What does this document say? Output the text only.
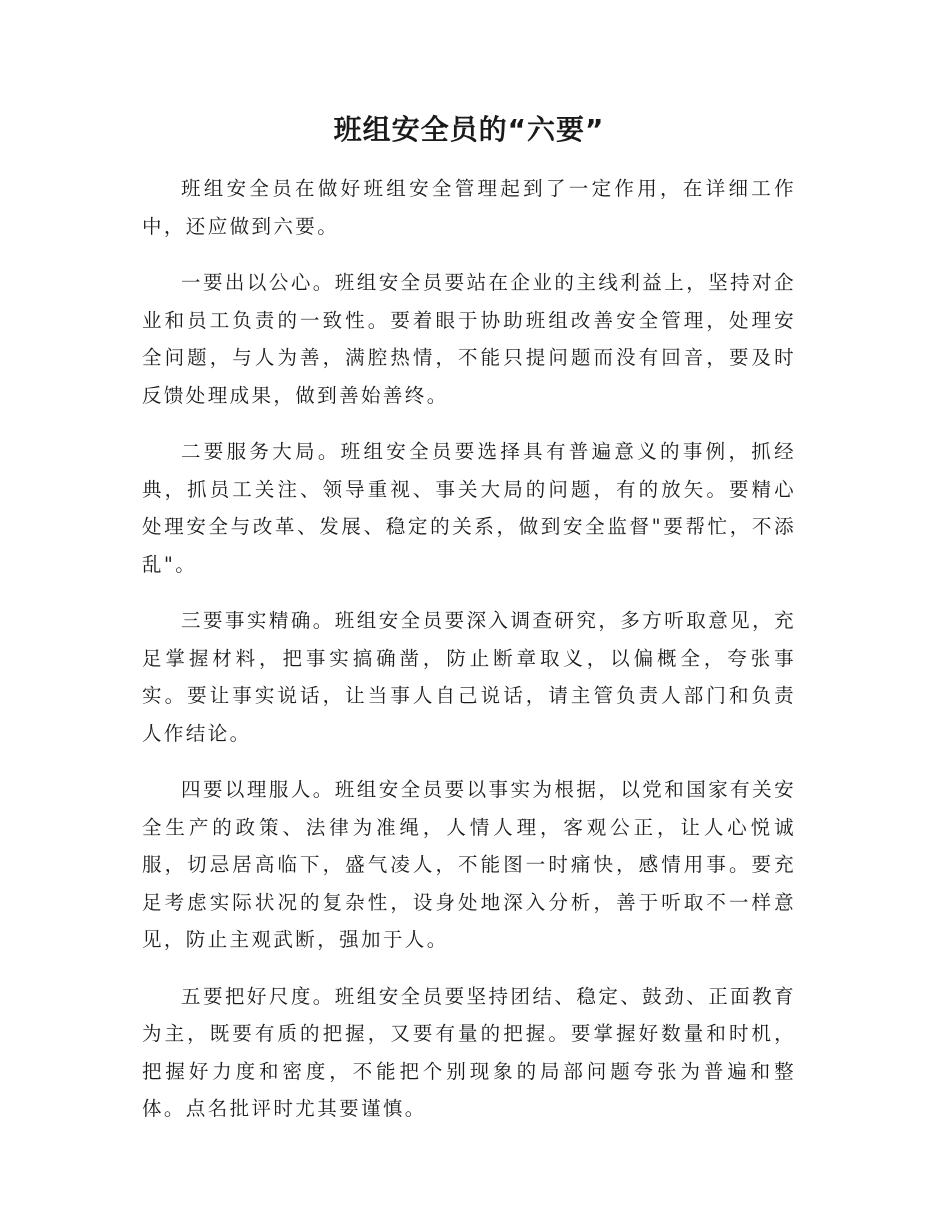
班组安全员的“六要”

班组安全员在做好班组安全管理起到了一定作用，在详细工作中，还应做到六要。

一要出以公心。班组安全员要站在企业的主线利益上，坚持对企业和员工负责的一致性。要着眼于协助班组改善安全管理，处理安全问题，与人为善，满腔热情，不能只提问题而没有回音，要及时反馈处理成果，做到善始善终。

二要服务大局。班组安全员要选择具有普遍意义的事例，抓经典，抓员工关注、领导重视、事关大局的问题，有的放矢。要精心处理安全与改革、发展、稳定的关系，做到安全监督"要帮忙，不添乱"。

三要事实精确。班组安全员要深入调查研究，多方听取意见，充足掌握材料，把事实搞确凿，防止断章取义，以偏概全，夸张事实。要让事实说话，让当事人自己说话，请主管负责人部门和负责人作结论。

四要以理服人。班组安全员要以事实为根据，以党和国家有关安全生产的政策、法律为准绳，人情人理，客观公正，让人心悦诚服，切忌居高临下，盛气凌人，不能图一时痛快，感情用事。要充足考虑实际状况的复杂性，设身处地深入分析，善于听取不一样意见，防止主观武断，强加于人。

五要把好尺度。班组安全员要坚持团结、稳定、鼓劲、正面教育为主，既要有质的把握，又要有量的把握。要掌握好数量和时机，把握好力度和密度，不能把个别现象的局部问题夸张为普遍和整体。点名批评时尤其要谨慎。
